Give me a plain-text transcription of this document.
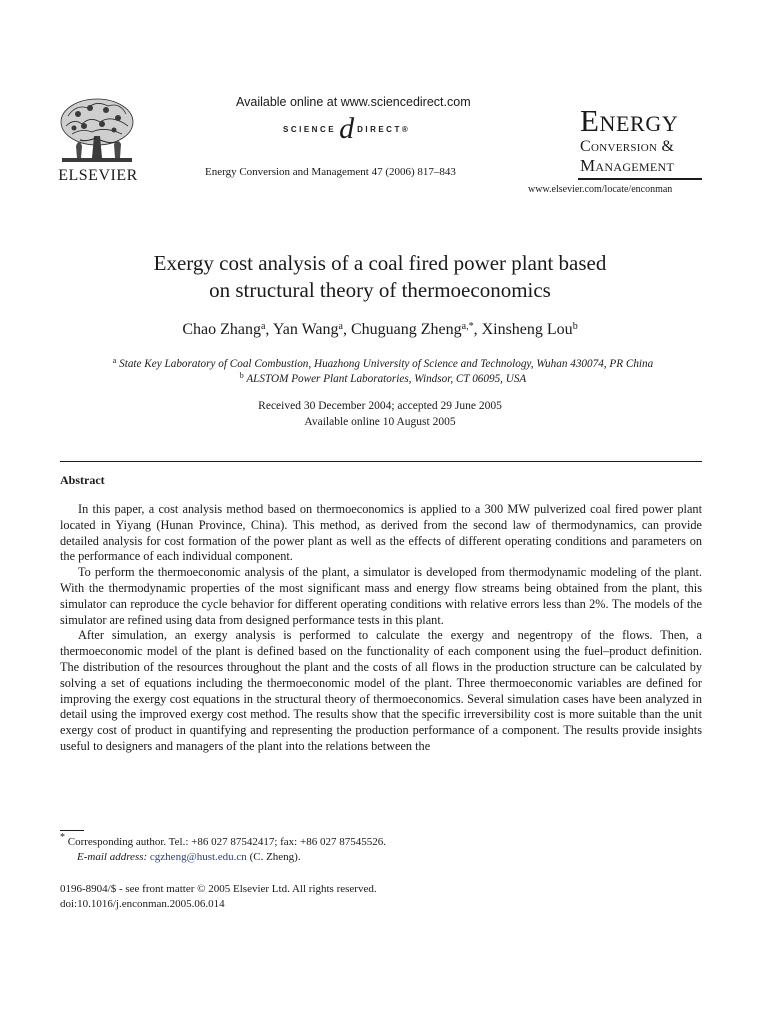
ELSEVIER
Available online at www.sciencedirect.com
SCIENCE d DIRECT®
Energy Conversion and Management 47 (2006) 817–843
Energy
Conversion &
Management
www.elsevier.com/locate/enconman
Exergy cost analysis of a coal fired power plant based
on structural theory of thermoeconomics
Chao Zhang$^a$, Yan Wang$^a$, Chuguang Zheng$^{a,*}$, Xinsheng Lou$^b$
$^a$ State Key Laboratory of Coal Combustion, Huazhong University of Science and Technology, Wuhan 430074, PR China
$^b$ ALSTOM Power Plant Laboratories, Windsor, CT 06095, USA
Received 30 December 2004; accepted 29 June 2005
Available online 10 August 2005
Abstract

In this paper, a cost analysis method based on thermoeconomics is applied to a 300 MW pulverized coal fired power plant located in Yiyang (Hunan Province, China). This method, as derived from the second law of thermodynamics, can provide detailed analysis for cost formation of the power plant as well as the effects of different operating conditions and parameters on the performance of each individual component.

To perform the thermoeconomic analysis of the plant, a simulator is developed from thermodynamic modeling of the plant. With the thermodynamic properties of the most significant mass and energy flow streams being obtained from the plant, this simulator can reproduce the cycle behavior for different operating conditions with relative errors less than 2%. The models of the simulator are refined using data from designed performance tests in this plant.

After simulation, an exergy analysis is performed to calculate the exergy and negentropy of the flows. Then, a thermoeconomic model of the plant is defined based on the functionality of each component using the fuel–product definition. The distribution of the resources throughout the plant and the costs of all flows in the production structure can be calculated by solving a set of equations including the thermoeconomic model of the plant. Three thermoeconomic variables are defined for improving the exergy cost equations in the structural theory of thermoeconomics. Several simulation cases have been analyzed in detail using the improved exergy cost method. The results show that the specific irreversibility cost is more suitable than the unit exergy cost of product in quantifying and representing the production performance of a component. The results provide insights useful to designers and managers of the plant into the relations between the

* Corresponding author. Tel.: +86 027 87542417; fax: +86 027 87545526.
E-mail address: cgzheng@hust.edu.cn (C. Zheng).
0196-8904/$ - see front matter © 2005 Elsevier Ltd. All rights reserved.
doi:10.1016/j.enconman.2005.06.014
